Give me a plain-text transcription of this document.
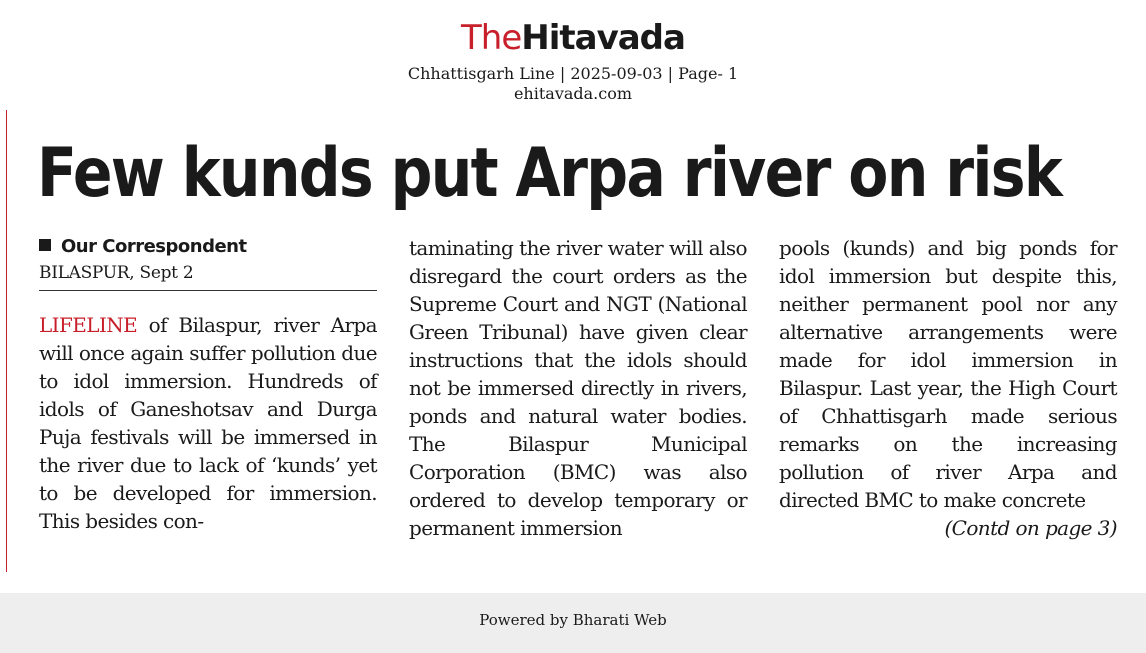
TheHitavada
Chhattisgarh Line | 2025-09-03 | Page- 1
ehitavada.com
Few kunds put Arpa river on risk
Our Correspondent
BILASPUR, Sept 2
LIFELINE of Bilaspur, river Arpa will once again suffer pollution due to idol immersion. Hundreds of idols of Ganeshotsav and Durga Puja festivals will be immersed in the river due to lack of ‘kunds’ yet to be developed for immersion. This besides con-
taminating the river water will also disregard the court orders as the Supreme Court and NGT (National Green Tribunal) have given clear instructions that the idols should not be immersed directly in rivers, ponds and natural water bodies. The Bilaspur Municipal Corporation (BMC) was also ordered to develop temporary or permanent immersion
pools (kunds) and big ponds for idol immersion but despite this, neither permanent pool nor any alternative arrangements were made for idol immersion in Bilaspur. Last year, the High Court of Chhattisgarh made serious remarks on the increasing pollution of river Arpa and directed BMC to make concrete
(Contd on page 3)
Powered by Bharati Web
